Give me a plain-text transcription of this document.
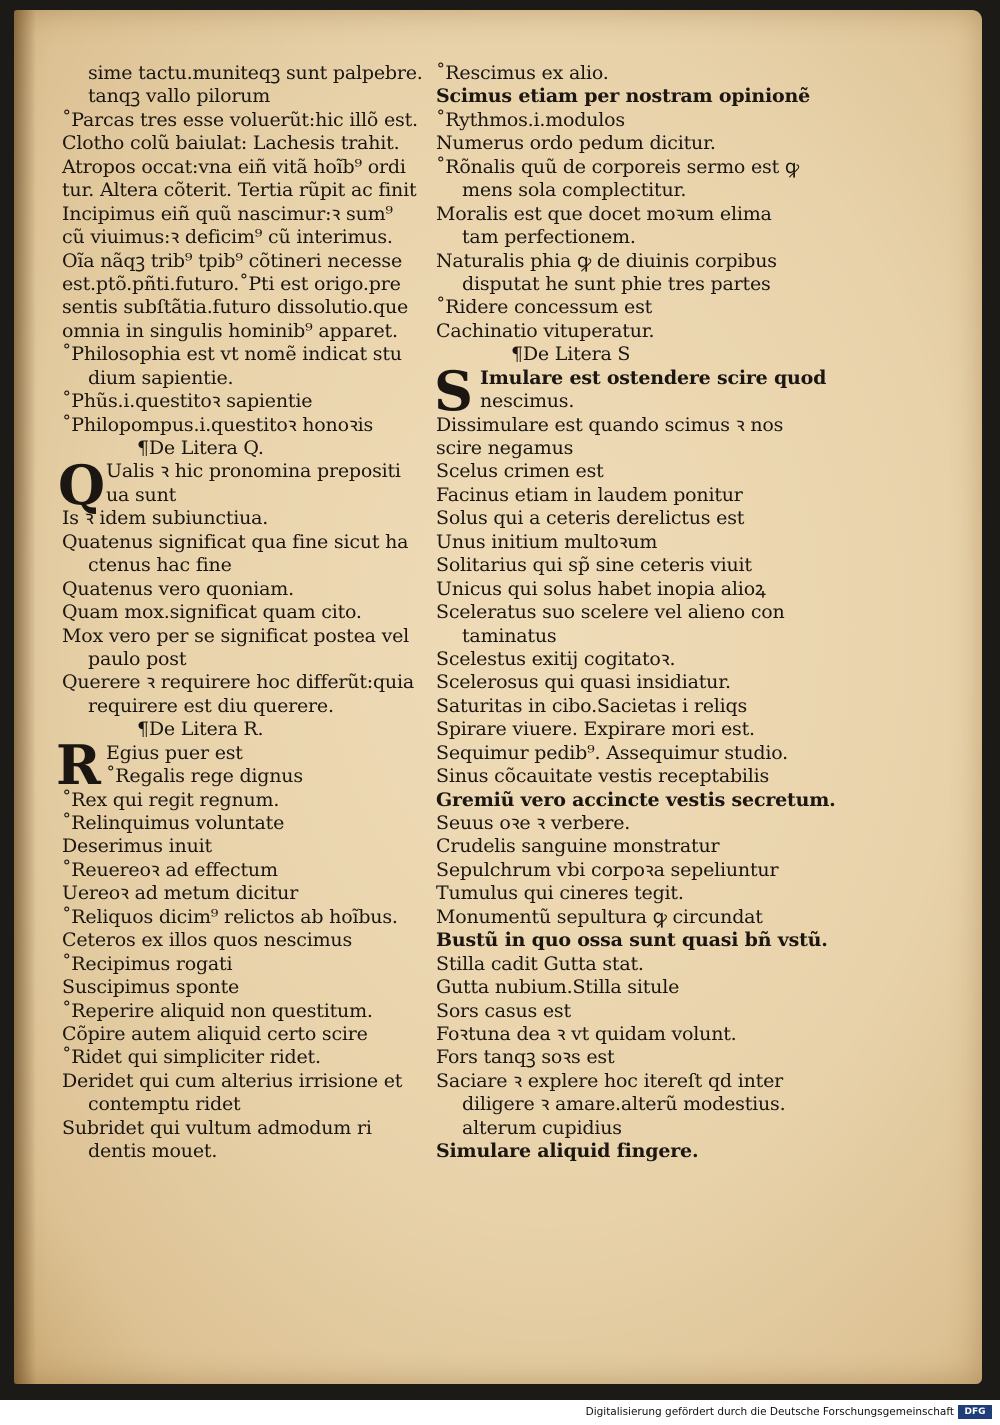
sime tactu.muniteqꝫ sunt palpebre.
tanqꝫ vallo pilorum
˚Parcas tres esse voluerũt:hic illõ est.
Clotho colũ baiulat: Lachesis trahit.
Atropos occat:vna eiñ vitã hoĩb⁹ ordi
tur. Altera cõterit. Tertia rũpit ac finit
Incipimus eiñ quũ nascimur:ꝛ sum⁹
cũ viuimus:ꝛ deficim⁹ cũ interimus.
Oĩa nãqꝫ trib⁹ tpib⁹ cõtineri necesse
est.ptõ.pñti.futuro.˚Pti est origo.pre
sentis subſtãtia.futuro dissolutio.que
omnia in singulis hominib⁹ apparet.
˚Philosophia est vt nomẽ indicat stu
dium sapientie.
˚Phũs.i.questitoꝛ sapientie
˚Philopompus.i.questitoꝛ honoꝛis
¶De Litera Q.
Q Ualis ꝛ hic pronomina prepositi
ua sunt
Is ꝛ idem subiunctiua.
Quatenus significat qua fine sicut ha
ctenus hac fine
Quatenus vero quoniam.
Quam mox.significat quam cito.
Mox vero per se significat postea vel
paulo post
Querere ꝛ requirere hoc differũt:quia
requirere est diu querere.
¶De Litera R.
R Egius puer est
˚Regalis rege dignus
˚Rex qui regit regnum.
˚Relinquimus voluntate
Deserimus inuit
˚Reuereoꝛ ad effectum
Uereoꝛ ad metum dicitur
˚Reliquos dicim⁹ relictos ab hoĩbus.
Ceteros ex illos quos nescimus
˚Recipimus rogati
Suscipimus sponte
˚Reperire aliquid non questitum.
Cõpire autem aliquid certo scire
˚Ridet qui simpliciter ridet.
Deridet qui cum alterius irrisione et
contemptu ridet
Subridet qui vultum admodum ri
dentis mouet.
˚Rescimus ex alio.
Scimus etiam per nostram opinionẽ
˚Rythmos.i.modulos
Numerus ordo pedum dicitur.
˚Rõnalis quũ de corporeis sermo est ꝙ
mens sola complectitur.
Moralis est que docet moꝛum elima
tam perfectionem.
Naturalis phia ꝙ de diuinis corpibus
disputat he sunt phie tres partes
˚Ridere concessum est
Cachinatio vituperatur.
¶De Litera S
S Imulare est ostendere scire quod
nescimus.
Dissimulare est quando scimus ꝛ nos
scire negamus
Scelus crimen est
Facinus etiam in laudem ponitur
Solus qui a ceteris derelictus est
Unus initium multoꝛum
Solitarius qui sp̃ sine ceteris viuit
Unicus qui solus habet inopia alioꝝ
Sceleratus suo scelere vel alieno con
taminatus
Scelestus exitij cogitatoꝛ.
Scelerosus qui quasi insidiatur.
Saturitas in cibo.Sacietas i reliqs
Spirare viuere. Expirare mori est.
Sequimur pedib⁹. Assequimur studio.
Sinus cõcauitate vestis receptabilis
Gremiũ vero accincte vestis secretum.
Seuus oꝛe ꝛ verbere.
Crudelis sanguine monstratur
Sepulchrum vbi corpoꝛa sepeliuntur
Tumulus qui cineres tegit.
Monumentũ sepultura ꝙ circundat
Bustũ in quo ossa sunt quasi bñ vstũ.
Stilla cadit Gutta stat.
Gutta nubium.Stilla situle
Sors casus est
Foꝛtuna dea ꝛ vt quidam volunt.
Fors tanqꝫ soꝛs est
Saciare ꝛ explere hoc itereſt qd inter
diligere ꝛ amare.alterũ modestius.
alterum cupidius
Simulare aliquid fingere.
Digitalisierung gefördert durch die Deutsche Forschungsgemeinschaft	DFG
